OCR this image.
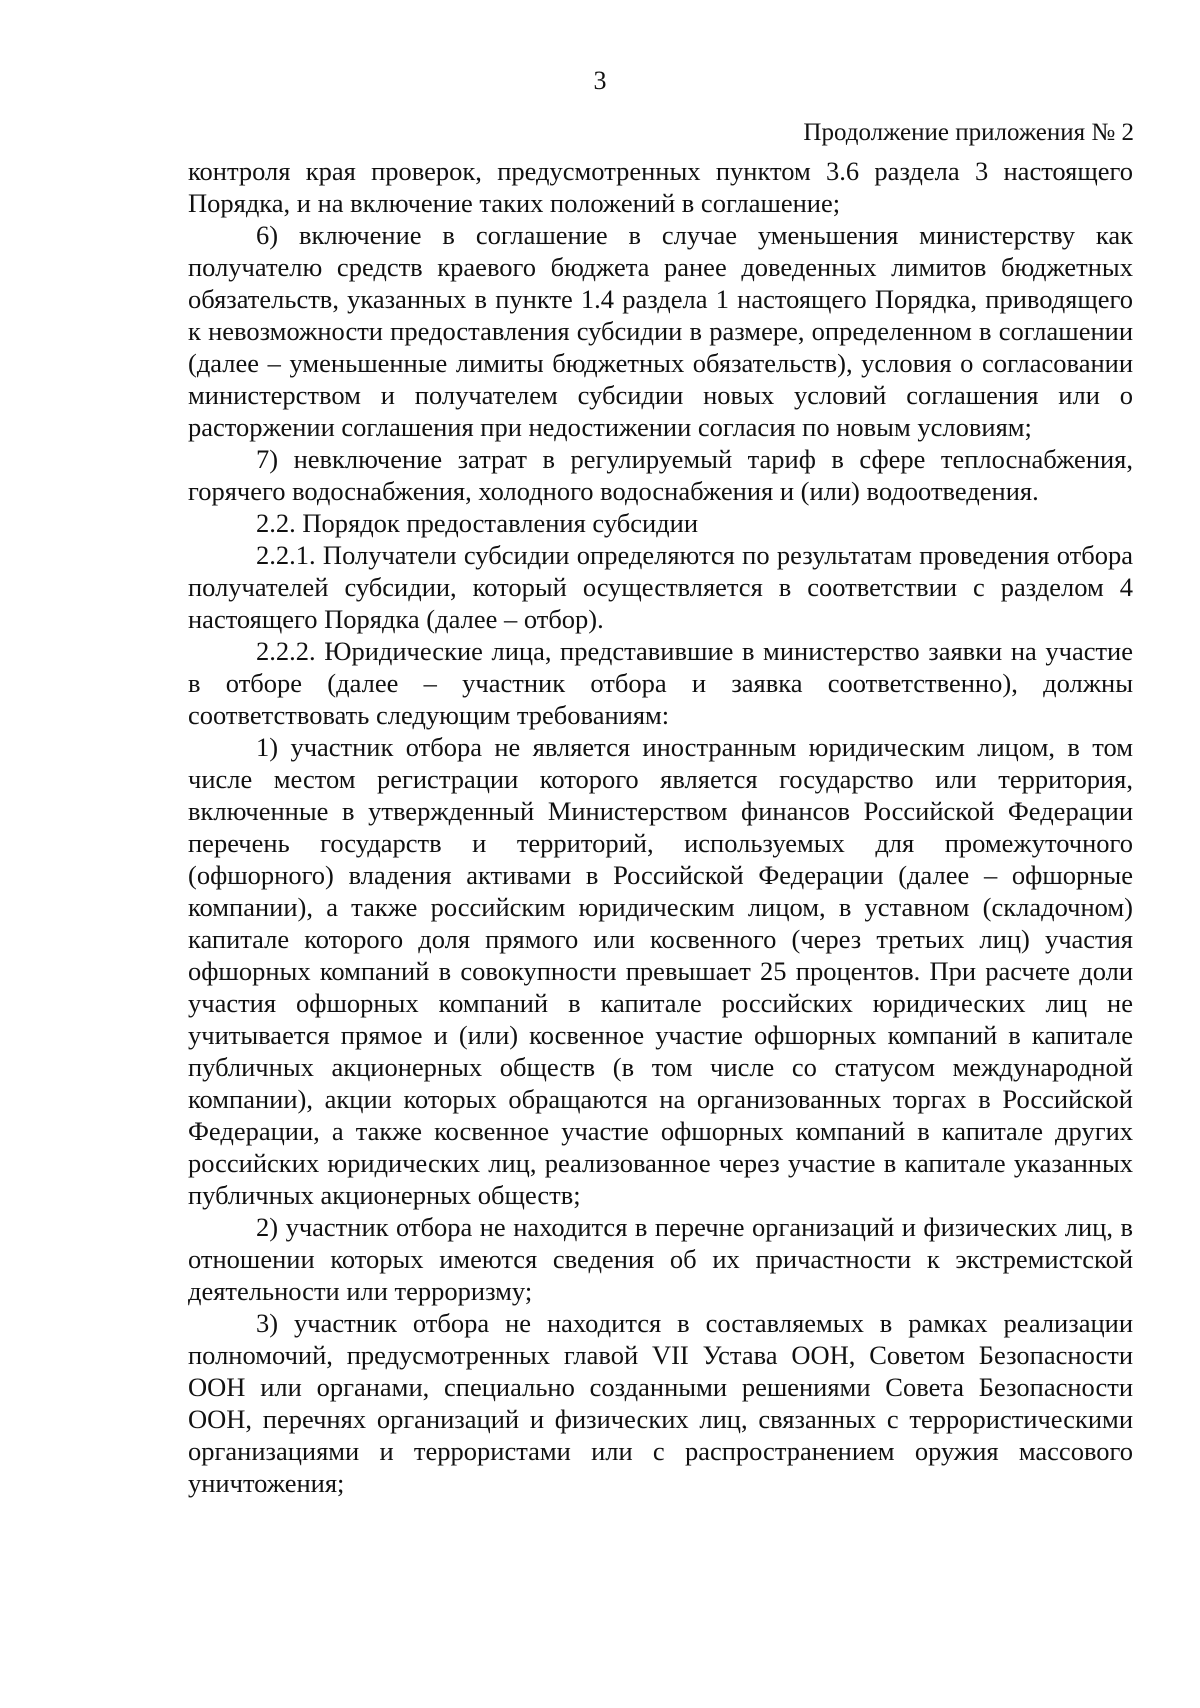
3
Продолжение приложения № 2

контроля края проверок, предусмотренных пунктом 3.6 раздела 3 настоящего Порядка, и на включение таких положений в соглашение;

6) включение в соглашение в случае уменьшения министерству как получателю средств краевого бюджета ранее доведенных лимитов бюджетных обязательств, указанных в пункте 1.4 раздела 1 настоящего Порядка, приводящего к невозможности предоставления субсидии в размере, определенном в соглашении (далее – уменьшенные лимиты бюджетных обязательств), условия о согласовании министерством и получателем субсидии новых условий соглашения или о расторжении соглашения при недостижении согласия по новым условиям;

7) невключение затрат в регулируемый тариф в сфере теплоснабжения, горячего водоснабжения, холодного водоснабжения и (или) водоотведения.

2.2. Порядок предоставления субсидии

2.2.1. Получатели субсидии определяются по результатам проведения отбора получателей субсидии, который осуществляется в соответствии с разделом 4 настоящего Порядка (далее – отбор).

2.2.2. Юридические лица, представившие в министерство заявки на участие в отборе (далее – участник отбора и заявка соответственно), должны соответствовать следующим требованиям:

1) участник отбора не является иностранным юридическим лицом, в том числе местом регистрации которого является государство или территория, включенные в утвержденный Министерством финансов Российской Федерации перечень государств и территорий, используемых для промежуточного (офшорного) владения активами в Российской Федерации (далее – офшорные компании), а также российским юридическим лицом, в уставном (складочном) капитале которого доля прямого или косвенного (через третьих лиц) участия офшорных компаний в совокупности превышает 25 процентов. При расчете доли участия офшорных компаний в капитале российских юридических лиц не учитывается прямое и (или) косвенное участие офшорных компаний в капитале публичных акционерных обществ (в том числе со статусом международной компании), акции которых обращаются на организованных торгах в Российской Федерации, а также косвенное участие офшорных компаний в капитале других российских юридических лиц, реализованное через участие в капитале указанных публичных акционерных обществ;

2) участник отбора не находится в перечне организаций и физических лиц, в отношении которых имеются сведения об их причастности к экстремистской деятельности или терроризму;

3) участник отбора не находится в составляемых в рамках реализации полномочий, предусмотренных главой VII Устава ООН, Советом Безопасности ООН или органами, специально созданными решениями Совета Безопасности ООН, перечнях организаций и физических лиц, связанных с террористическими организациями и террористами или с распространением оружия массового уничтожения;
